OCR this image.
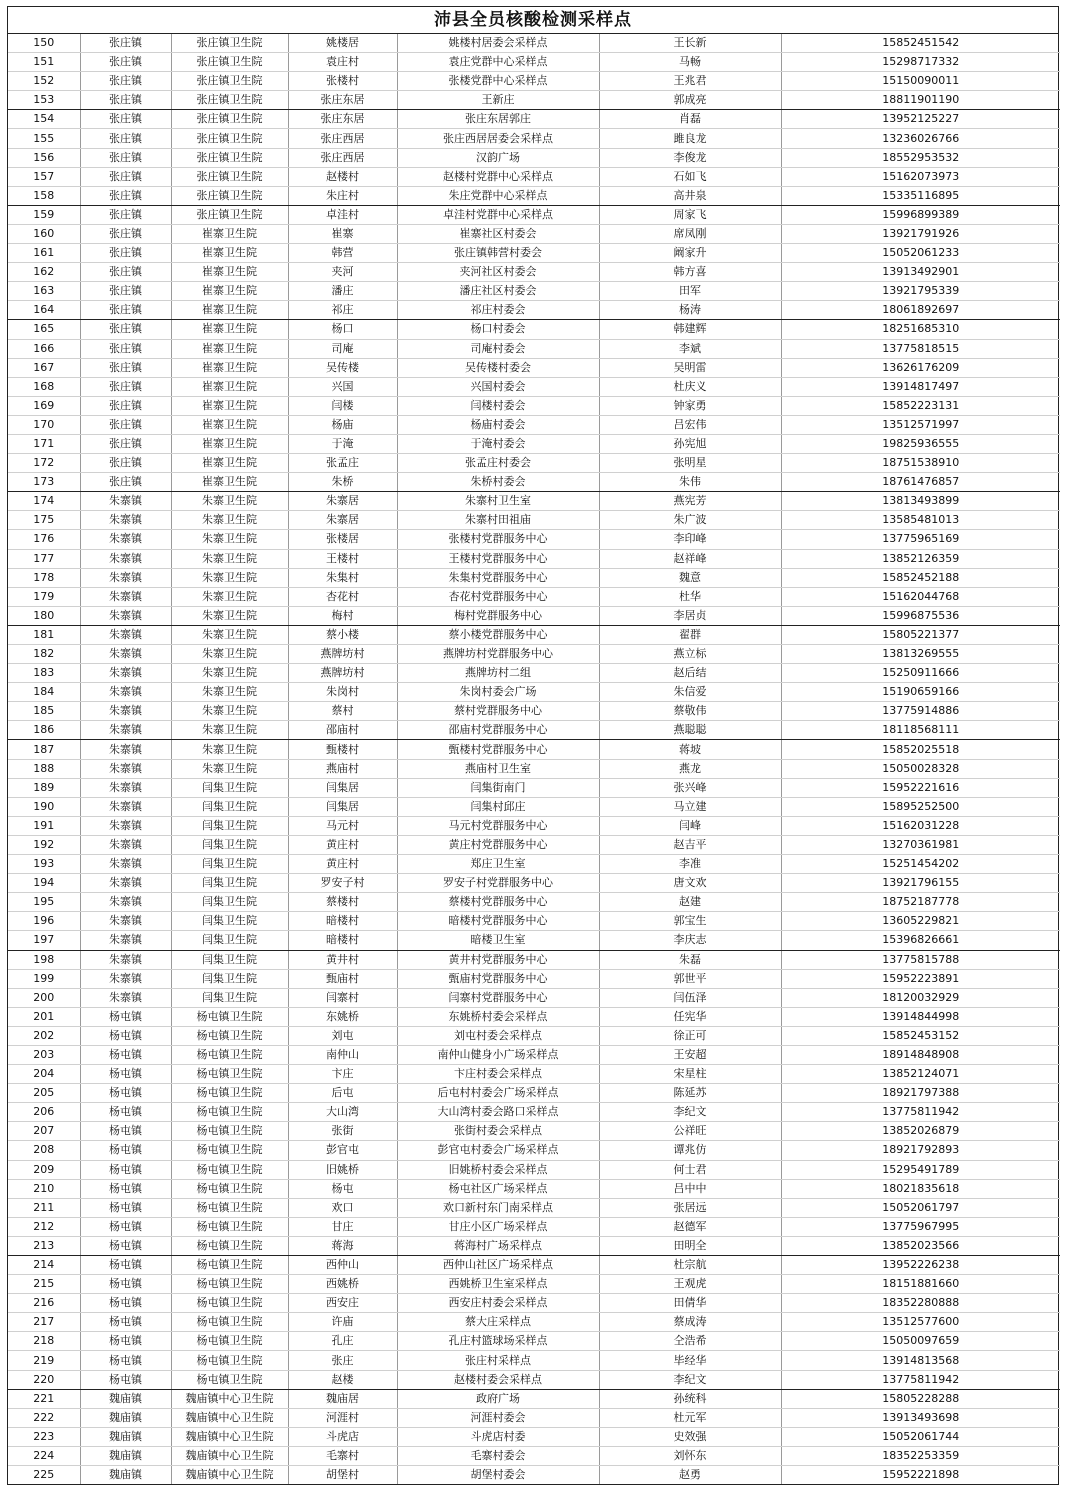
沛县全员核酸检测采样点
150	张庄镇	张庄镇卫生院	姚楼居	姚楼村居委会采样点	王长新	15852451542
151	张庄镇	张庄镇卫生院	袁庄村	袁庄党群中心采样点	马畅	15298717332
152	张庄镇	张庄镇卫生院	张楼村	张楼党群中心采样点	王兆君	15150090011
153	张庄镇	张庄镇卫生院	张庄东居	王新庄	郭成亮	18811901190
154	张庄镇	张庄镇卫生院	张庄东居	张庄东居郭庄	肖磊	13952125227
155	张庄镇	张庄镇卫生院	张庄西居	张庄西居居委会采样点	雎良龙	13236026766
156	张庄镇	张庄镇卫生院	张庄西居	汉韵广场	李俊龙	18552953532
157	张庄镇	张庄镇卫生院	赵楼村	赵楼村党群中心采样点	石如飞	15162073973
158	张庄镇	张庄镇卫生院	朱庄村	朱庄党群中心采样点	高井泉	15335116895
159	张庄镇	张庄镇卫生院	卓洼村	卓洼村党群中心采样点	周家飞	15996899389
160	张庄镇	崔寨卫生院	崔寨	崔寨社区村委会	席凤刚	13921791926
161	张庄镇	崔寨卫生院	韩营	张庄镇韩营村委会	阚家升	15052061233
162	张庄镇	崔寨卫生院	夹河	夹河社区村委会	韩方喜	13913492901
163	张庄镇	崔寨卫生院	潘庄	潘庄社区村委会	田军	13921795339
164	张庄镇	崔寨卫生院	祁庄	祁庄村委会	杨涛	18061892697
165	张庄镇	崔寨卫生院	杨口	杨口村委会	韩建辉	18251685310
166	张庄镇	崔寨卫生院	司庵	司庵村委会	李斌	13775818515
167	张庄镇	崔寨卫生院	吴传楼	吴传楼村委会	吴明雷	13626176209
168	张庄镇	崔寨卫生院	兴国	兴国村委会	杜庆义	13914817497
169	张庄镇	崔寨卫生院	闫楼	闫楼村委会	钟家勇	15852223131
170	张庄镇	崔寨卫生院	杨庙	杨庙村委会	吕宏伟	13512571997
171	张庄镇	崔寨卫生院	于淹	于淹村委会	孙宪旭	19825936555
172	张庄镇	崔寨卫生院	张孟庄	张孟庄村委会	张明星	18751538910
173	张庄镇	崔寨卫生院	朱桥	朱桥村委会	朱伟	18761476857
174	朱寨镇	朱寨卫生院	朱寨居	朱寨村卫生室	燕宪芳	13813493899
175	朱寨镇	朱寨卫生院	朱寨居	朱寨村田祖庙	朱广波	13585481013
176	朱寨镇	朱寨卫生院	张楼居	张楼村党群服务中心	李印峰	13775965169
177	朱寨镇	朱寨卫生院	王楼村	王楼村党群服务中心	赵祥峰	13852126359
178	朱寨镇	朱寨卫生院	朱集村	朱集村党群服务中心	魏意	15852452188
179	朱寨镇	朱寨卫生院	杏花村	杏花村党群服务中心	杜华	15162044768
180	朱寨镇	朱寨卫生院	梅村	梅村党群服务中心	李居贞	15996875536
181	朱寨镇	朱寨卫生院	蔡小楼	蔡小楼党群服务中心	翟群	15805221377
182	朱寨镇	朱寨卫生院	燕牌坊村	燕牌坊村党群服务中心	燕立标	13813269555
183	朱寨镇	朱寨卫生院	燕牌坊村	燕牌坊村二组	赵后结	15250911666
184	朱寨镇	朱寨卫生院	朱岗村	朱岗村委会广场	朱信爱	15190659166
185	朱寨镇	朱寨卫生院	蔡村	蔡村党群服务中心	蔡敬伟	13775914886
186	朱寨镇	朱寨卫生院	邵庙村	邵庙村党群服务中心	燕聪聪	18118568111
187	朱寨镇	朱寨卫生院	甄楼村	甄楼村党群服务中心	蒋坡	15852025518
188	朱寨镇	朱寨卫生院	燕庙村	燕庙村卫生室	燕龙	15050028328
189	朱寨镇	闫集卫生院	闫集居	闫集街南门	张兴峰	15952221616
190	朱寨镇	闫集卫生院	闫集居	闫集村邱庄	马立建	15895252500
191	朱寨镇	闫集卫生院	马元村	马元村党群服务中心	闫峰	15162031228
192	朱寨镇	闫集卫生院	黄庄村	黄庄村党群服务中心	赵吉平	13270361981
193	朱寨镇	闫集卫生院	黄庄村	郑庄卫生室	李准	15251454202
194	朱寨镇	闫集卫生院	罗安子村	罗安子村党群服务中心	唐文欢	13921796155
195	朱寨镇	闫集卫生院	蔡楼村	蔡楼村党群服务中心	赵建	18752187778
196	朱寨镇	闫集卫生院	暗楼村	暗楼村党群服务中心	郭宝生	13605229821
197	朱寨镇	闫集卫生院	暗楼村	暗楼卫生室	李庆志	15396826661
198	朱寨镇	闫集卫生院	黄井村	黄井村党群服务中心	朱磊	13775815788
199	朱寨镇	闫集卫生院	甄庙村	甄庙村党群服务中心	郭世平	15952223891
200	朱寨镇	闫集卫生院	闫寨村	闫寨村党群服务中心	闫伍泽	18120032929
201	杨屯镇	杨屯镇卫生院	东姚桥	东姚桥村委会采样点	任宪华	13914844998
202	杨屯镇	杨屯镇卫生院	刘屯	刘屯村委会采样点	徐正可	15852453152
203	杨屯镇	杨屯镇卫生院	南仲山	南仲山健身小广场采样点	王安超	18914848908
204	杨屯镇	杨屯镇卫生院	卞庄	卞庄村委会采样点	宋星柱	13852124071
205	杨屯镇	杨屯镇卫生院	后屯	后屯村村委会广场采样点	陈延苏	18921797388
206	杨屯镇	杨屯镇卫生院	大山湾	大山湾村委会路口采样点	李纪文	13775811942
207	杨屯镇	杨屯镇卫生院	张街	张街村委会采样点	公祥旺	13852026879
208	杨屯镇	杨屯镇卫生院	彭官屯	彭官屯村委会广场采样点	谭兆仿	18921792893
209	杨屯镇	杨屯镇卫生院	旧姚桥	旧姚桥村委会采样点	何士君	15295491789
210	杨屯镇	杨屯镇卫生院	杨屯	杨屯社区广场采样点	吕中中	18021835618
211	杨屯镇	杨屯镇卫生院	欢口	欢口新村东门南采样点	张居远	15052061797
212	杨屯镇	杨屯镇卫生院	甘庄	甘庄小区广场采样点	赵德军	13775967995
213	杨屯镇	杨屯镇卫生院	蒋海	蒋海村广场采样点	田明全	13852023566
214	杨屯镇	杨屯镇卫生院	西仲山	西仲山社区广场采样点	杜宗航	13952226238
215	杨屯镇	杨屯镇卫生院	西姚桥	西姚桥卫生室采样点	王观虎	18151881660
216	杨屯镇	杨屯镇卫生院	西安庄	西安庄村委会采样点	田倩华	18352280888
217	杨屯镇	杨屯镇卫生院	许庙	蔡大庄采样点	蔡成涛	13512577600
218	杨屯镇	杨屯镇卫生院	孔庄	孔庄村篮球场采样点	仝浩希	15050097659
219	杨屯镇	杨屯镇卫生院	张庄	张庄村采样点	毕经华	13914813568
220	杨屯镇	杨屯镇卫生院	赵楼	赵楼村委会采样点	李纪文	13775811942
221	魏庙镇	魏庙镇中心卫生院	魏庙居	政府广场	孙统科	15805228288
222	魏庙镇	魏庙镇中心卫生院	河涯村	河涯村委会	杜元军	13913493698
223	魏庙镇	魏庙镇中心卫生院	斗虎店	斗虎店村委	史效强	15052061744
224	魏庙镇	魏庙镇中心卫生院	毛寨村	毛寨村委会	刘怀东	18352253359
225	魏庙镇	魏庙镇中心卫生院	胡堡村	胡堡村委会	赵勇	15952221898
